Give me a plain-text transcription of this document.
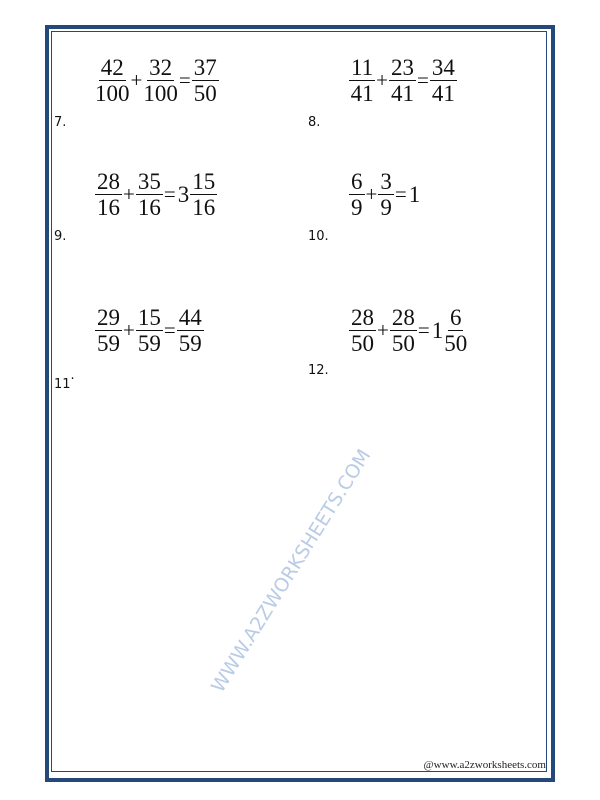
WWW.A2ZWORKSHEETS.COM
$\frac{42}{100} + \frac{32}{100} = \frac{37}{50}$
7.
$\frac{11}{41} + \frac{23}{41} = \frac{34}{41}$
8.
$\frac{28}{16} + \frac{35}{16} = 3 \frac{15}{16}$
9.
$\frac{6}{9} + \frac{3}{9} = 1$
10.
$\frac{29}{59} + \frac{15}{59} = \frac{44}{59}$
11.
$\frac{28}{50} + \frac{28}{50} = 1 \frac{6}{50}$
12.
@www.a2zworksheets.com
